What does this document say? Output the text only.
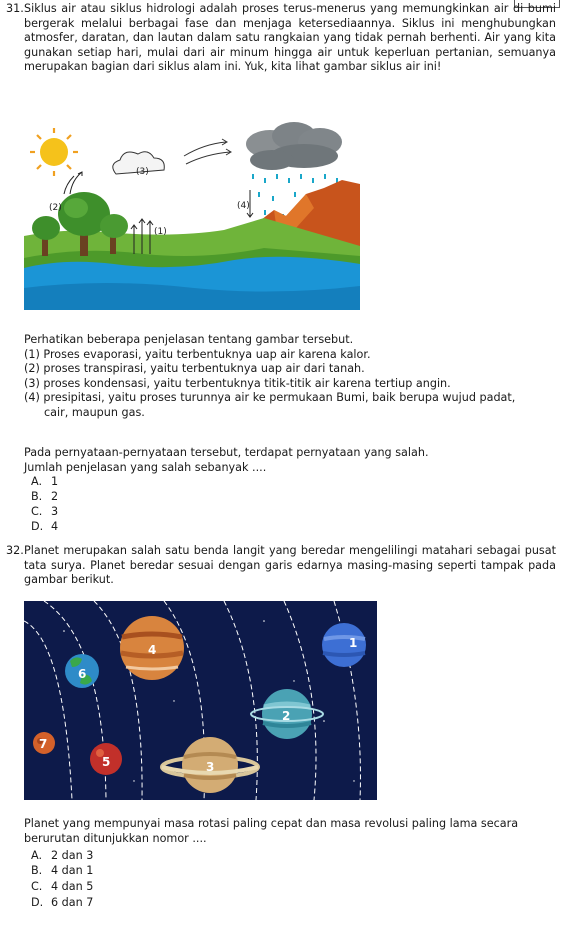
31. Siklus air atau siklus hidrologi adalah proses terus-menerus yang memungkinkan air di bumi bergerak melalui berbagai fase dan menjaga ketersediaannya. Siklus ini menghubungkan atmosfer, daratan, dan lautan dalam satu rangkaian yang tidak pernah berhenti. Air yang kita gunakan setiap hari, mulai dari air minum hingga air untuk keperluan pertanian, semuanya merupakan bagian dari siklus alam ini. Yuk, kita lihat gambar siklus air ini!
(3)
(2)	(4)
(1)

Perhatikan beberapa penjelasan tentang gambar tersebut.

(1) Proses evaporasi, yaitu terbentuknya uap air karena kalor.

(2) proses transpirasi, yaitu terbentuknya uap air dari tanah.

(3) proses kondensasi, yaitu terbentuknya titik-titik air karena tertiup angin.

(4) presipitasi, yaitu proses turunnya air ke permukaan Bumi, baik berupa wujud padat,

cair, maupun gas.

Pada pernyataan-pernyataan tersebut, terdapat pernyataan yang salah.

Jumlah penjelasan yang salah sebanyak ....

A. 1
B. 2
C. 3
D. 4
32. Planet merupakan salah satu benda langit yang beredar mengelilingi matahari sebagai pusat tata surya. Planet beredar sesuai dengan garis edarnya masing-masing seperti tampak pada gambar berikut.
1
2
3
4
5
6
7

Planet yang mempunyai masa rotasi paling cepat dan masa revolusi paling lama secara

berurutan ditunjukkan nomor ....

A. 2 dan 3
B. 4 dan 1
C. 4 dan 5
D. 6 dan 7
